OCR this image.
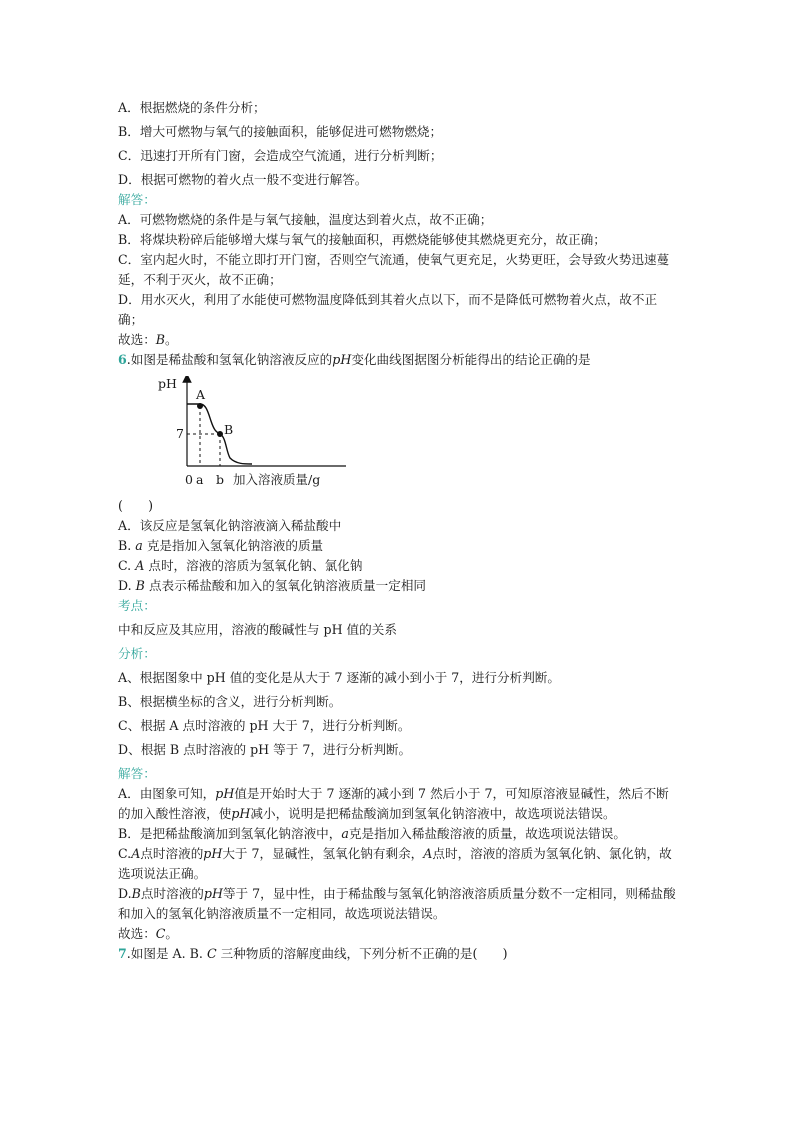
A．根据燃烧的条件分析；
B．增大可燃物与氧气的接触面积，能够促进可燃物燃烧；
C．迅速打开所有门窗，会造成空气流通，进行分析判断；
D．根据可燃物的着火点一般不变进行解答。
解答：
A．可燃物燃烧的条件是与氧气接触，温度达到着火点，故不正确；
B．将煤块粉碎后能够增大煤与氧气的接触面积，再燃烧能够使其燃烧更充分，故正确；
C．室内起火时，不能立即打开门窗，否则空气流通，使氧气更充足，火势更旺，会导致火势迅速蔓延，不利于灭火，故不正确；
D．用水灭火，利用了水能使可燃物温度降低到其着火点以下，而不是降低可燃物着火点，故不正确；
故选：B。
6.如图是稀盐酸和氢氧化钠溶液反应的pH变化曲线图据图分析能得出的结论正确的是
pH
A
7	B
0 a b 加入溶液质量/g
(　　)
A．该反应是氢氧化钠溶液滴入稀盐酸中
B. a 克是指加入氢氧化钠溶液的质量
C. A 点时，溶液的溶质为氢氧化钠、氯化钠
D. B 点表示稀盐酸和加入的氢氧化钠溶液质量一定相同
考点：
中和反应及其应用，溶液的酸碱性与 pH 值的关系
分析：
A、根据图象中 pH 值的变化是从大于 7 逐渐的减小到小于 7，进行分析判断。
B、根据横坐标的含义，进行分析判断。
C、根据 A 点时溶液的 pH 大于 7，进行分析判断。
D、根据 B 点时溶液的 pH 等于 7，进行分析判断。
解答：
A．由图象可知，pH值是开始时大于 7 逐渐的减小到 7 然后小于 7，可知原溶液显碱性，然后不断的加入酸性溶液，使pH减小，说明是把稀盐酸滴加到氢氧化钠溶液中，故选项说法错误。
B．是把稀盐酸滴加到氢氧化钠溶液中，a克是指加入稀盐酸溶液的质量，故选项说法错误。
C.A点时溶液的pH大于 7，显碱性，氢氧化钠有剩余，A点时，溶液的溶质为氢氧化钠、氯化钠，故选项说法正确。
D.B点时溶液的pH等于 7，显中性，由于稀盐酸与氢氧化钠溶液溶质质量分数不一定相同，则稀盐酸和加入的氢氧化钠溶液质量不一定相同，故选项说法错误。
故选：C。
7.如图是 A. B. C 三种物质的溶解度曲线，下列分析不正确的是(　　)
